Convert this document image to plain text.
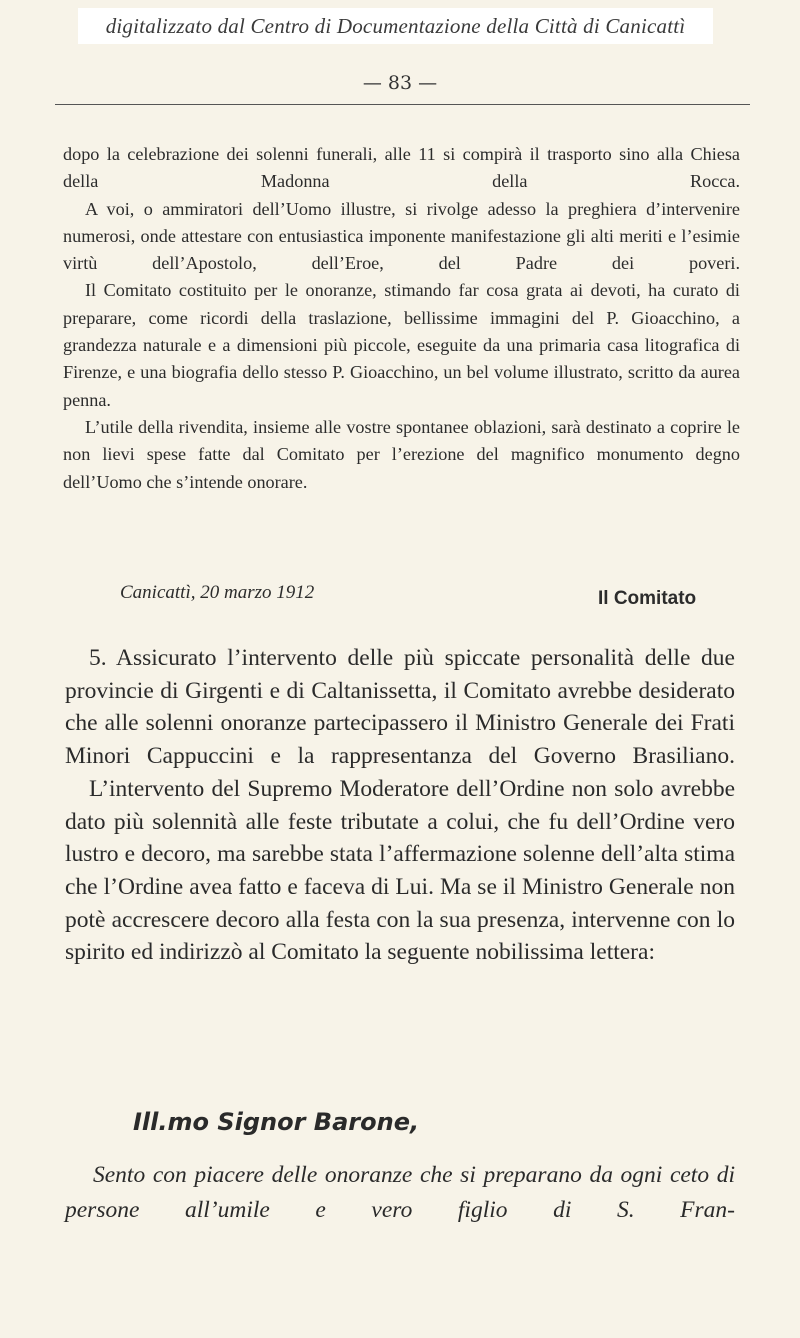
digitalizzato dal Centro di Documentazione della Città di Canicattì
— 83 —

dopo la celebrazione dei solenni funerali, alle 11 si compirà il trasporto sino alla Chiesa della Madonna della Rocca.

A voi, o ammiratori dell’Uomo illustre, si rivolge adesso la preghiera d’intervenire numerosi, onde attestare con entusiastica imponente manifestazione gli alti meriti e l’esimie virtù dell’Apostolo, dell’Eroe, del Padre dei poveri.

Il Comitato costituito per le onoranze, stimando far cosa grata ai devoti, ha curato di preparare, come ricordi della traslazione, bellissime immagini del P. Gioacchino, a grandezza naturale e a dimensioni più piccole, eseguite da una primaria casa litografica di Firenze, e una biografia dello stesso P. Gioacchino, un bel volume illustrato, scritto da aurea penna.

L’utile della rivendita, insieme alle vostre spontanee oblazioni, sarà destinato a coprire le non lievi spese fatte dal Comitato per l’erezione del magnifico monumento degno dell’Uomo che s’intende onorare.

Canicattì, 20 marzo 1912	Il Comitato

5. Assicurato l’intervento delle più spiccate personalità delle due provincie di Girgenti e di Caltanissetta, il Comitato avrebbe desiderato che alle solenni onoranze partecipassero il Ministro Generale dei Frati Minori Cappuccini e la rappresentanza del Governo Brasiliano.

L’intervento del Supremo Moderatore dell’Ordine non solo avrebbe dato più solennità alle feste tributate a colui, che fu dell’Ordine vero lustro e decoro, ma sarebbe stata l’affermazione solenne dell’alta stima che l’Ordine avea fatto e faceva di Lui. Ma se il Ministro Generale non potè accrescere decoro alla festa con la sua presenza, intervenne con lo spirito ed indirizzò al Comitato la seguente nobilissima lettera:

Ill.mo Signor Barone,

Sento con piacere delle onoranze che si preparano da ogni ceto di persone all’umile e vero figlio di S. Fran-
